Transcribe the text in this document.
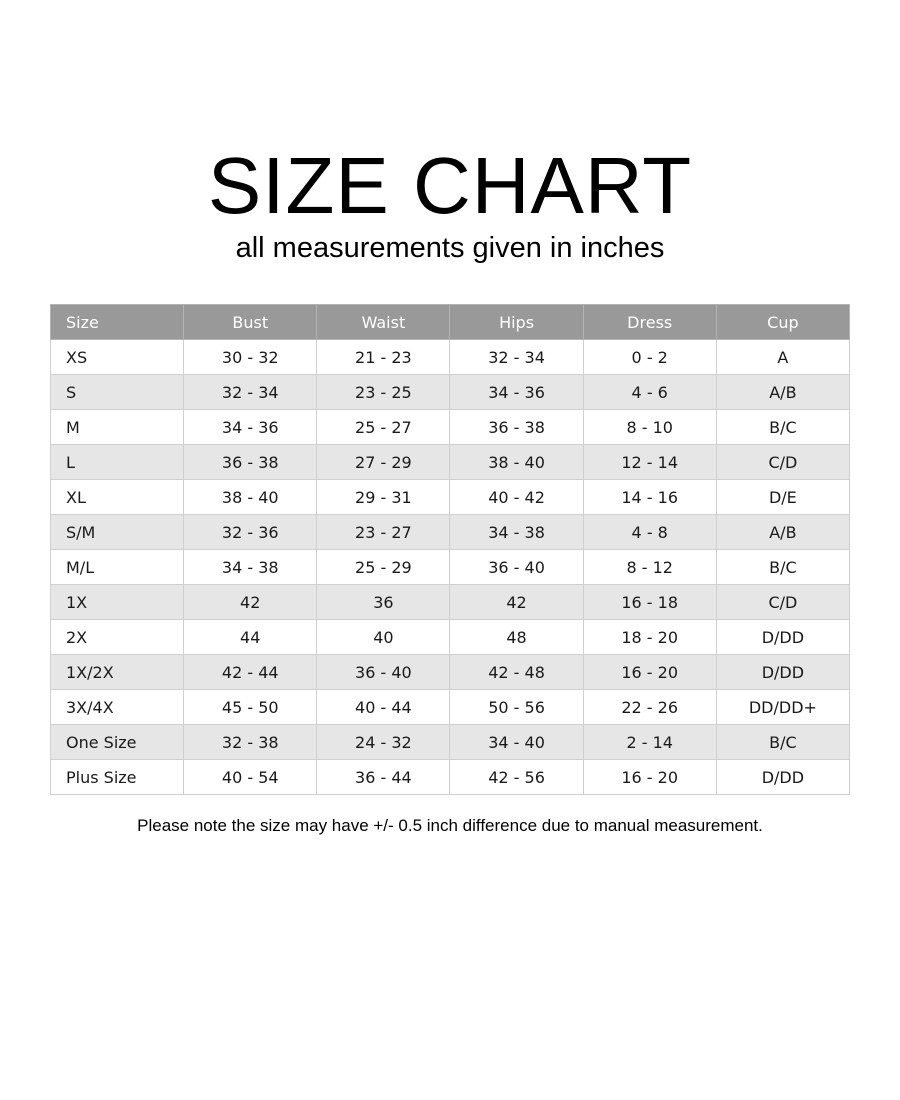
SIZE CHART
all measurements given in inches
Size	Bust	Waist	Hips	Dress	Cup
XS	30 - 32	21 - 23	32 - 34	0 - 2	A
S	32 - 34	23 - 25	34 - 36	4 - 6	A/B
M	34 - 36	25 - 27	36 - 38	8 - 10	B/C
L	36 - 38	27 - 29	38 - 40	12 - 14	C/D
XL	38 - 40	29 - 31	40 - 42	14 - 16	D/E
S/M	32 - 36	23 - 27	34 - 38	4 - 8	A/B
M/L	34 - 38	25 - 29	36 - 40	8 - 12	B/C
1X	42	36	42	16 - 18	C/D
2X	44	40	48	18 - 20	D/DD
1X/2X	42 - 44	36 - 40	42 - 48	16 - 20	D/DD
3X/4X	45 - 50	40 - 44	50 - 56	22 - 26	DD/DD+
One Size	32 - 38	24 - 32	34 - 40	2 - 14	B/C
Plus Size	40 - 54	36 - 44	42 - 56	16 - 20	D/DD
Please note the size may have +/- 0.5 inch difference due to manual measurement.
